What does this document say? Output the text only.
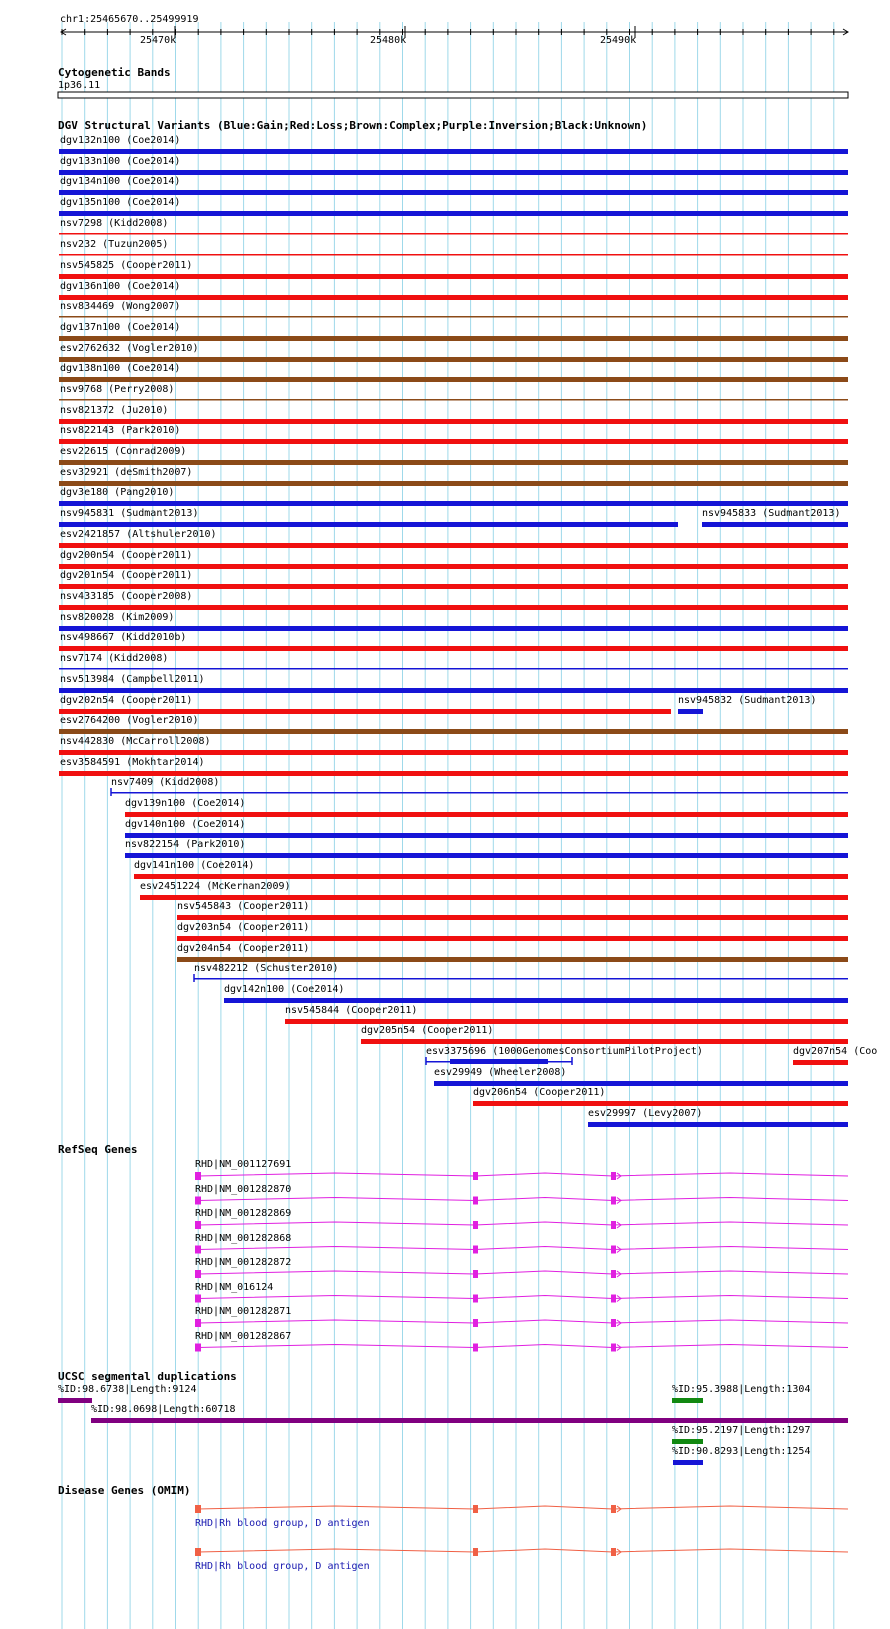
chr1:25465670..25499919
Cytogenetic Bands
1p36.11
DGV Structural Variants (Blue:Gain;Red:Loss;Brown:Complex;Purple:Inversion;Black:Unknown)
RefSeq Genes
UCSC segmental duplications
Disease Genes (OMIM)
25470k	25480k	25490k
dgv132n100 (Coe2014)
dgv133n100 (Coe2014)
dgv134n100 (Coe2014)
dgv135n100 (Coe2014)
nsv7298 (Kidd2008)
nsv232 (Tuzun2005)
nsv545825 (Cooper2011)
dgv136n100 (Coe2014)
nsv834469 (Wong2007)
dgv137n100 (Coe2014)
esv2762632 (Vogler2010)
dgv138n100 (Coe2014)
nsv9768 (Perry2008)
nsv821372 (Ju2010)
nsv822143 (Park2010)
esv22615 (Conrad2009)
esv32921 (deSmith2007)
dgv3e180 (Pang2010)
nsv945831 (Sudmant2013)	nsv945833 (Sudmant2013)
esv2421857 (Altshuler2010)
dgv200n54 (Cooper2011)
dgv201n54 (Cooper2011)
nsv433185 (Cooper2008)
nsv820028 (Kim2009)
nsv498667 (Kidd2010b)
nsv7174 (Kidd2008)
nsv513984 (Campbell2011)
dgv202n54 (Cooper2011)	nsv945832 (Sudmant2013)
esv2764200 (Vogler2010)
nsv442830 (McCarroll2008)
esv3584591 (Mokhtar2014)
nsv7409 (Kidd2008)
dgv139n100 (Coe2014)
dgv140n100 (Coe2014)
nsv822154 (Park2010)
dgv141n100 (Coe2014)
esv2451224 (McKernan2009)
nsv545843 (Cooper2011)
dgv203n54 (Cooper2011)
dgv204n54 (Cooper2011)
nsv482212 (Schuster2010)
dgv142n100 (Coe2014)
nsv545844 (Cooper2011)
dgv205n54 (Cooper2011)
esv3375696 (1000GenomesConsortiumPilotProject)	dgv207n54 (Coo
esv29949 (Wheeler2008)
dgv206n54 (Cooper2011)
esv29997 (Levy2007)
RHD|NM_001127691
RHD|NM_001282870
RHD|NM_001282869
RHD|NM_001282868
RHD|NM_001282872
RHD|NM_016124
RHD|NM_001282871
RHD|NM_001282867
%ID:98.6738|Length:9124	%ID:95.3988|Length:1304
%ID:98.0698|Length:60718
%ID:95.2197|Length:1297
%ID:90.8293|Length:1254
RHD|Rh blood group, D antigen
RHD|Rh blood group, D antigen
